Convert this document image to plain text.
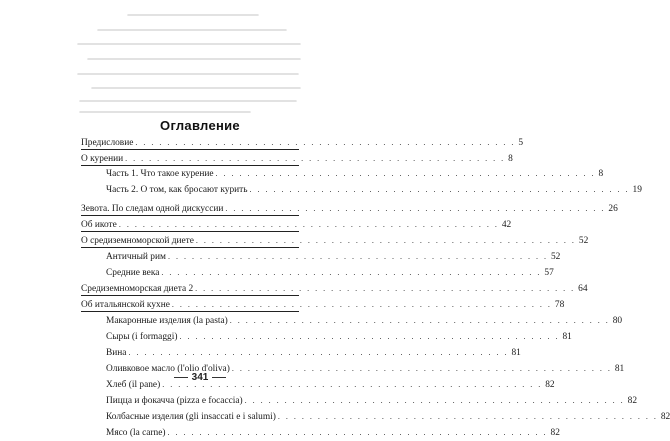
Оглавление
Предисловие . . .	5
О курении . . .	8
Часть 1. Что такое курение . . .	8
Часть 2. О том, как бросают курить . . .	19
Зевота. По следам одной дискуссии . . .	26
Об икоте . . .	42
О средиземноморской диете . . .	52
Античный рим . . .	52
Средние века . . .	57
Средиземноморская диета 2 . . .	64
Об итальянской кухне . . .	78
Макаронные изделия (la pasta) . . .	80
Сыры (i formaggi) . . .	81
Вина . . .	81
Оливковое масло (l'olio d'oliva) . . .	81
Хлеб (il pane) . . .	82
Пицца и фокачча (pizza e focaccia) . . .	82
Колбасные изделия (gli insaccati e i salumi) . . .	82
Мясо (la carne) . . .	82
341
